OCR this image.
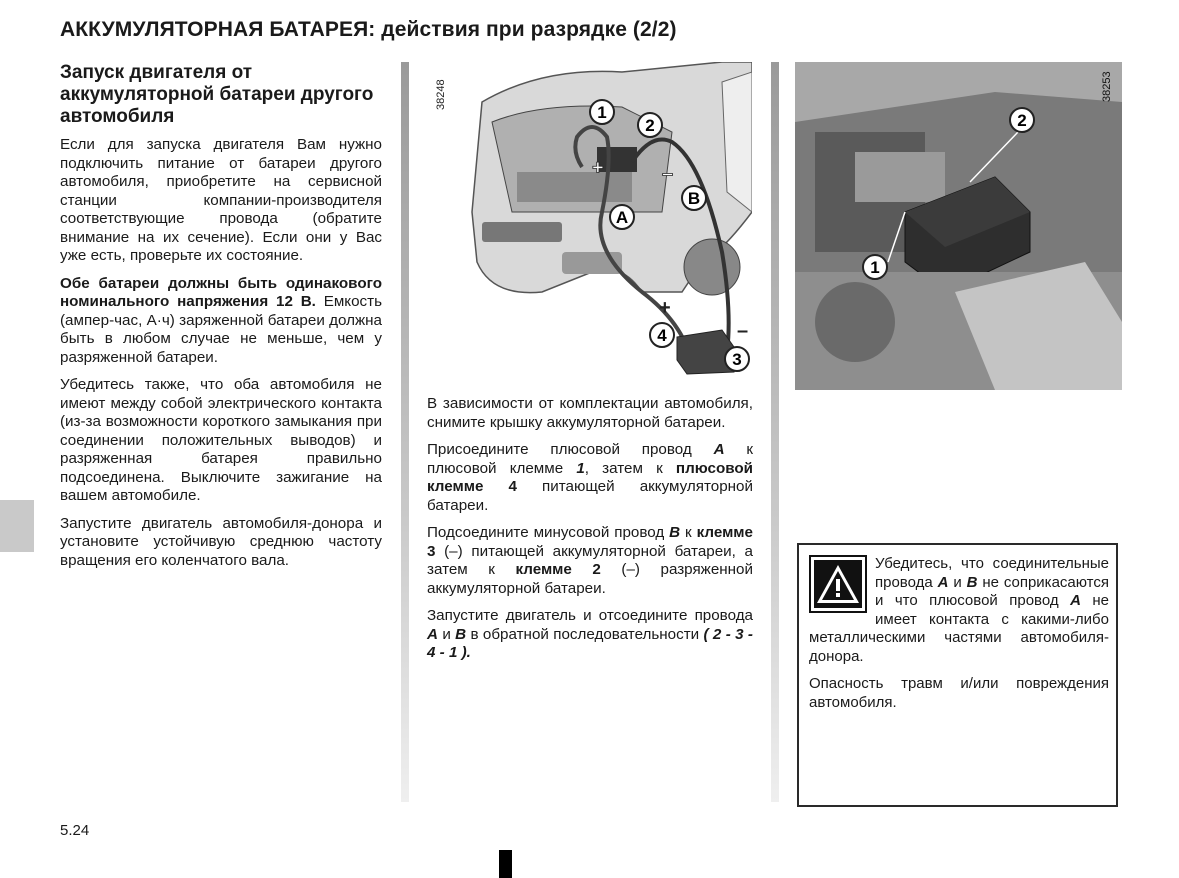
АККУМУЛЯТОРНАЯ БАТАРЕЯ: действия при разрядке (2/2)
Запуск двигателя от аккумуляторной батареи другого автомобиля

Если для запуска двигателя Вам нужно подключить питание от батареи другого автомобиля, приобретите на сервисной станции компании-производителя соответствующие провода (обратите внимание на их сечение). Если они у Вас уже есть, проверьте их состояние.

Обе батареи должны быть одинакового номинального напряжения 12 В. Емкость (ампер-час, А·ч) заряженной батареи должна быть в любом случае не меньше, чем у разряженной батареи.

Убедитесь также, что оба автомобиля не имеют между собой электрического контакта (из-за возможности короткого замыкания при соединении положительных выводов) и разряженная батарея правильно подсоединена. Выключите зажигание на вашем автомобиле.

Запустите двигатель автомобиля-донора и установите устойчивую среднюю частоту вращения его коленчатого вала.

1
2
3
4
A
B
+	–
+
–
38248
2
1
38253

В зависимости от комплектации автомобиля, снимите крышку аккумуляторной батареи.

Присоедините плюсовой провод A к плюсовой клемме 1, затем к плюсовой клемме 4 питающей аккумуляторной батареи.

Подсоедините минусовой провод B к клемме 3 (–) питающей аккумуляторной батареи, а затем к клемме 2 (–) разряженной аккумуляторной батареи.

Запустите двигатель и отсоедините провода A и B в обратной последовательности ( 2 - 3 - 4 - 1 ).

Убедитесь, что соединительные провода A и B не соприкасаются и что плюсовой провод A не имеет контакта с какими-либо металлическими частями автомобиля-донора.

Опасность травм и/или повреждения автомобиля.

5.24
